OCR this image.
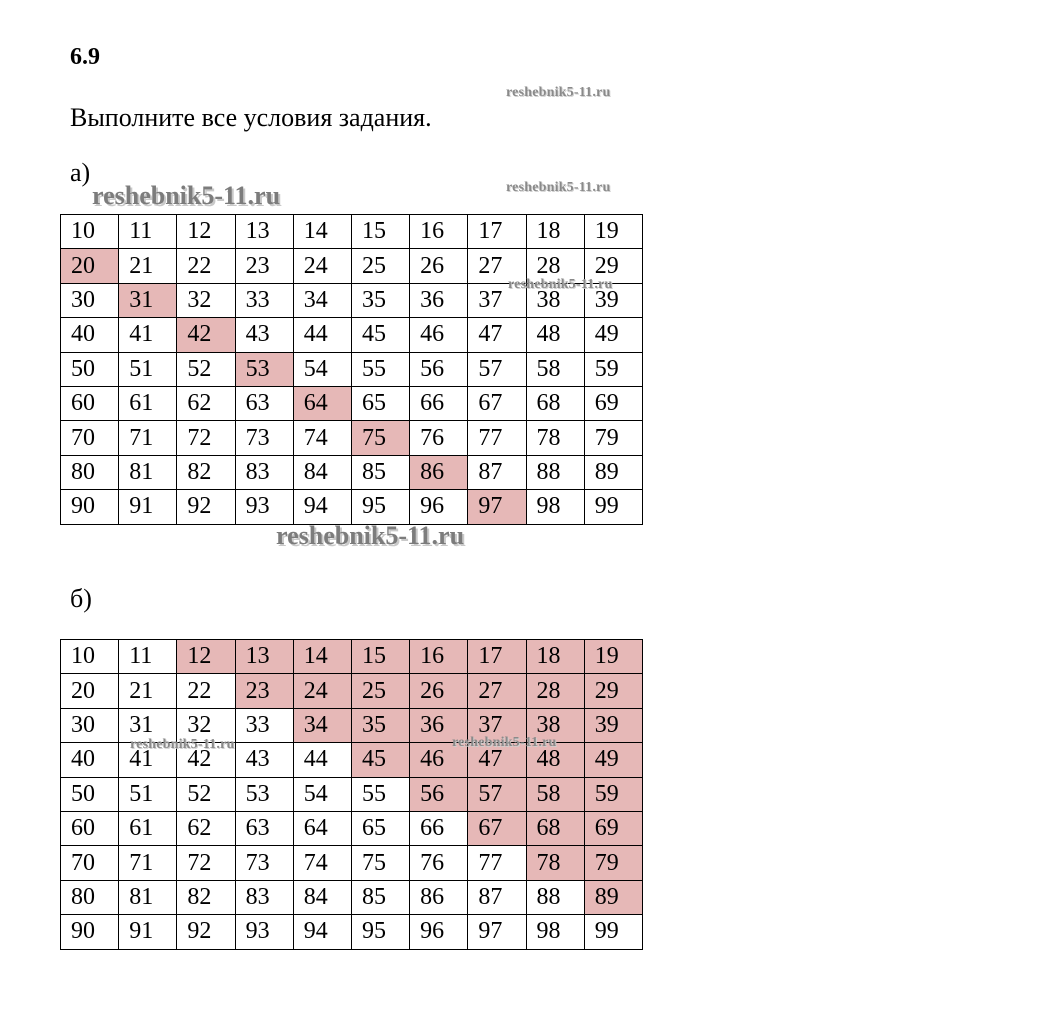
6.9
reshebnik5-11.ru
Выполните все условия задания.
а)
reshebnik5-11.ru	reshebnik5-11.ru
10	11	12	13	14	15	16	17	18	19
20	21	22	23	24	25	26	27	28	29
30	31	32	33	34	35	36	37	38	39
40	41	42	43	44	45	46	47	48	49
50	51	52	53	54	55	56	57	58	59
60	61	62	63	64	65	66	67	68	69
70	71	72	73	74	75	76	77	78	79
80	81	82	83	84	85	86	87	88	89
90	91	92	93	94	95	96	97	98	99
reshebnik5-11.ru
reshebnik5-11.ru
б)
10	11	12	13	14	15	16	17	18	19
20	21	22	23	24	25	26	27	28	29
30	31	32	33	34	35	36	37	38	39
40	41	42	43	44	45	46	47	48	49
50	51	52	53	54	55	56	57	58	59
60	61	62	63	64	65	66	67	68	69
70	71	72	73	74	75	76	77	78	79
80	81	82	83	84	85	86	87	88	89
90	91	92	93	94	95	96	97	98	99
reshebnik5-11.ru	reshebnik5-11.ru
